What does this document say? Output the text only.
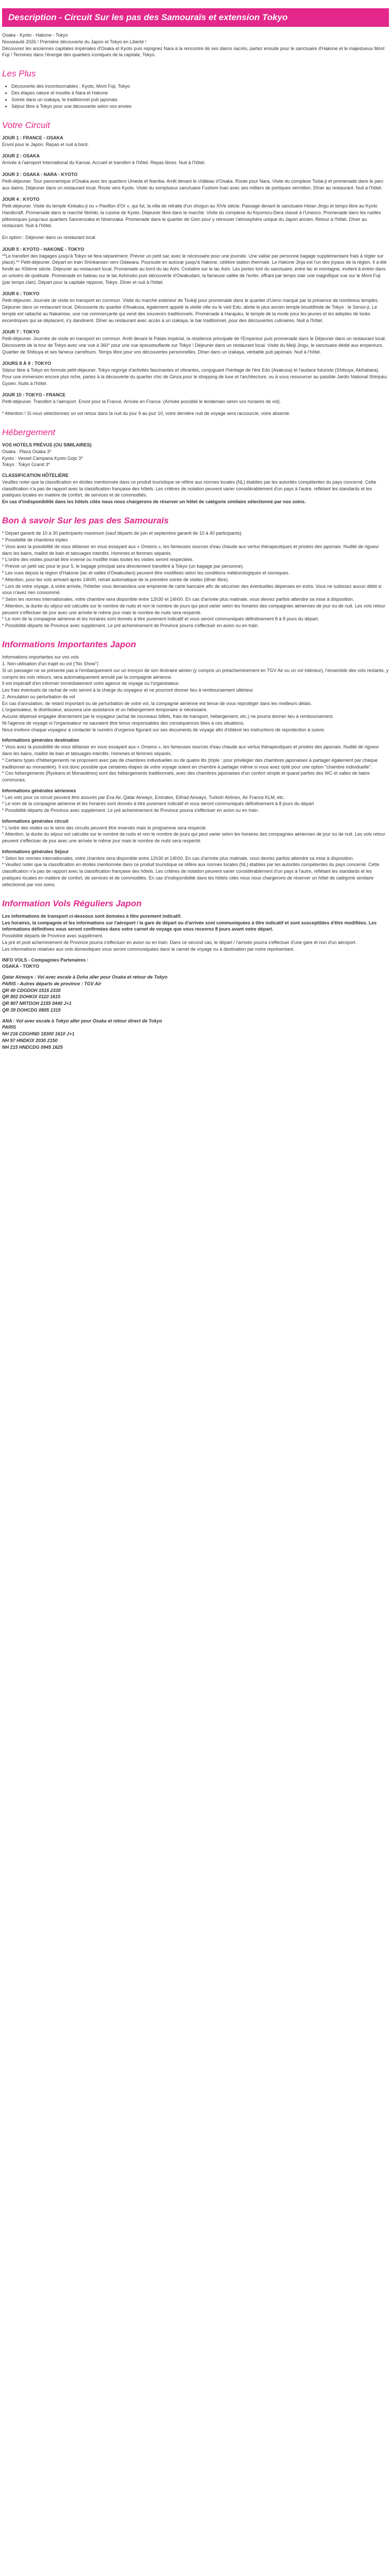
Description - Circuit Sur les pas des Samouraïs et extension Tokyo

Osaka - Kyoto - Hakone - Tokyo

Nouveauté 2026 ! Première découverte du Japon et Tokyo en Liberté !

Découvrez les anciennes capitales impériales d'Osaka et Kyoto puis rejoignez Nara à la rencontre de ses daims sacrés, partez ensuite pour le sanctuaire d'Hakone et le majestueux Mont Fuji ! Terminez dans l'énergie des quartiers iconiques de la capitale, Tokyo.

Les Plus
• Découverte des incontournables : Kyoto, Mont Fuji, Tokyo
• Des étapes nature et insolite à Nara et Hakone
• Soirée dans un izakaya, le traditionnel pub japonais
• Séjour libre à Tokyo pour une découverte selon vos envies
Votre Circuit

JOUR 1 : FRANCE - OSAKA

Envol pour le Japon. Repas et nuit à bord.

JOUR 2 : OSAKA

Arrivée à l'aéroport International du Kansai. Accueil et transfert à l'hôtel. Repas libres. Nuit à l'hôtel.

JOUR 3 : OSAKA - NARA - KYOTO

Petit-déjeuner. Tour panoramique d'Osaka avec les quartiers Umeda et Namba. Arrêt devant le château d'Osaka. Route pour Nara. Visite du complexe Todai-ji et promenade dans le parc aux daims. Déjeuner dans un restaurant local. Route vers Kyoto. Visite du somptueux sanctuaire Fushimi Inari avec ses milliers de portiques vermillon. Dîner au restaurant. Nuit à l'hôtel.

JOUR 4 : KYOTO

Petit-déjeuner. Visite du temple Kinkaku-ji ou « Pavillon d'Or », qui fut, la villa de retraite d'un shogun au XIVe siècle. Passage devant le sanctuaire Heian Jingu et temps libre au Kyoto Handicraft. Promenade dans le marché Nishiki, la cuisine de Kyoto. Déjeuner libre dans le marché. Visite du complexe du Kiyomizu-Dera classé à l'Unesco. Promenade dans les ruelles pittoresques jusqu'aux quartiers Sannenzaka et Ninenzaka. Promenade dans le quartier de Gion pour y retrouver l'atmosphère unique du Japon ancien. Retour à l'hôtel. Dîner au restaurant. Nuit à l'hôtel.

En option : Déjeuner dans un restaurant local

JOUR 5 : KYOTO - HAKONE - TOKYO

**Le transfert des bagages jusqu'à Tokyo se fera séparément. Prévoir un petit sac avec le nécessaire pour une journée. Une valise par personne bagage supplémentaire frais à régler sur place).** Petit-déjeuner. Départ en train Shinkansen vers Odawara. Poursuite en autocar jusqu'à Hakone, célèbre station thermale. Le Hakone Jinja est l'un des joyaux de la région. Il a été fondé au XIIIème siècle. Déjeuner au restaurant local. Promenade au bord du lac Ashi. Croisière sur le lac Ashi. Les portes torii du sanctuaire, entre lac et montagne, invitent à entrer dans un univers de quiétude. Promenade en bateau sur le lac Ashinoko puis découverte d'Owakudani, la fameuse vallée de l'enfer, offrant par temps clair une magnifique vue sur le Mont Fuji (par temps clair). Départ pour la capitale nippone, Tokyo. Dîner et nuit à l'hôtel.

JOUR 6 : TOKYO

Petit-déjeuner. Journée de visite en transport en commun. Visite du marché extérieur de Tsukiji pour promenade dans le quartier d'Ueno marqué par la présence de nombreux temples. Déjeuner dans un restaurant local. Découverte du quartier d'Asakusa, également appelé la vieille ville ou le vieil Edo, abrite le plus ancien temple bouddhiste de Tokyo : le Senso-ji. Le temple est rattaché au Nakamise, une rue commerçante qui vend des souvenirs traditionnels. Promenade à Harajuku, le temple de la mode pour les jeunes et les adeptes de looks excentriques qui se déplacent, s'y dandinent. Dîner au restaurant avec accès à un izakaya, le bar traditionnel, pour des découvertes culinaires. Nuit à l'hôtel.

JOUR 7 : TOKYO

Petit-déjeuner. Journée de visite en transport en commun. Arrêt devant le Palais impérial, la résidence principale de l'Empereur puis promenade dans le Déjeuner dans un restaurant local. Découverte de la tour de Tokyo avec une vue à 360° pour une vue époustouflante sur Tokyo ! Déjeuner dans un restaurant local. Visite du Meiji Jingu, le sanctuaire dédié aux empereurs. Quartier de Shibuya et ses fameux carrefours. Temps libre pour vos découvertes personnelles. Dîner dans un izakaya, véritable pub japonais. Nuit à l'hôtel.

JOURS 8 À 9 : TOKYO

Séjour libre à Tokyo en formule petit-déjeuner. Tokyo regorge d'activités fascinantes et vibrantes, conjuguant l'héritage de l'ère Edo (Asakusa) et l'audace futuriste (Shibuya, Akihabara). Pour une immersion encore plus riche, partez à la découverte du quartier chic de Ginza pour le shopping de luxe et l'architecture, ou à vous ressourcer au paisible Jardin National Shinjuku Gyoen. Nuits à l'hôtel.

JOUR 10 : TOKYO - FRANCE

Petit-déjeuner. Transfert à l'aéroport. Envol pour la France. Arrivée en France. (Arrivée possible le lendemain selon vos horaires de vol).

* Attention ! Si vous sélectionnez un vol retour dans la nuit du jour 9 au jour 10, votre dernière nuit de voyage sera raccourcie, voire absente.

Hébergement

VOS HOTELS PRÉVUS (OU SIMILAIRES)

Osaka : Plaza Osaka 3*

Kyoto : Vessel Campana Kyoto Gojo 3*

Tokyo : Tokyo Grand 3*

CLASSIFICATION HÔTELIÈRE

Veuillez noter que la classification en étoiles mentionnée dans ce produit touristique se réfère aux normes locales (NL) établies par les autorités compétentes du pays concerné. Cette classification n'a pas de rapport avec la classification française des hôtels. Les critères de notation peuvent varier considérablement d'un pays à l'autre, reflétant les standards et les pratiques locales en matière de confort, de services et de commodités.

En cas d'indisponibilité dans les hôtels cités nous nous chargerons de réserver un hôtel de catégorie similaire sélectionné par nos soins.

Bon à savoir Sur les pas des Samouraïs

* Départ garanti de 10 à 30 participants maximum (sauf départs de juin et septembre garanti de 10 à 40 participants).

* Possibilité de chambres triples

* Vous avez la possibilité de vous délasser en vous essayant aux « Onsens », les fameuses sources d'eau chaude aux vertus thérapeutiques et prisées des japonais. Nudité de rigueur dans les bains, maillot de bain et tatouages interdits. Hommes et femmes séparés.

* L'ordre des visites pourrait être inversé ou modifié mais toutes les visites seront respectées.

* Prévoir un petit sac pour le jour 5, le bagage principal sera directement transféré à Tokyo (un bagage par personne).

* Les vues depuis la région d'Hakone (lac et vallée d'Owakudani) peuvent être modifiées selon les conditions météorologiques et sismiques.

* Attention, pour les vols arrivant après 14h00, retrait automatique de la première soirée de visites (dîner libre).

* Lors de votre voyage, à votre arrivée, l'hôtelier vous demandera une empreinte de carte bancaire afin de sécuriser des éventuelles dépenses en extra. Vous ne subissez aucun débit si vous n'avez rien consommé.

* Selon les normes internationales, votre chambre sera disponible entre 12h30 et 14h00. En cas d'arrivée plus matinale, vous devrez parfois attendre sa mise à disposition.

* Attention, la durée du séjour est calculée sur le nombre de nuits et non le nombre de jours qui peut varier selon les horaires des compagnies aériennes de jour ou de nuit. Les vols retour peuvent s'effectuer de jour avec une arrivée le même jour mais le nombre de nuits sera respecté.

* Le nom de la compagnie aérienne et les horaires sont donnés à titre purement indicatif et vous seront communiqués définitivement 8 à 8 jours du départ.

* Possibilité départs de Province avec supplément. Le pré acheminement de Province pourra s'effectuer en avion ou en train.

Informations Importantes Japon

Informations importantes sur vos vols

1. Non-utilisation d'un trajet ou vol ("No Show")

Si un passager ne se présente pas à l'embarquement sur un tronçon de son itinéraire aérien (y compris un préacheminement en TGV Air ou un vol intérieur), l'ensemble des vols restants, y compris les vols retours, sera automatiquement annulé par la compagnie aérienne.

Il est impératif d'en informer immédiatement votre agence de voyage ou l'organisateur.

Les frais éventuels de rachat de vols seront à la charge du voyageur et ne pourront donner lieu à remboursement ultérieur.

2. Annulation ou perturbation de vol

En cas d'annulation, de retard important ou de perturbation de votre vol, la compagnie aérienne est tenue de vous reprotéger dans les meilleurs délais.

L'organisateur, le distributeur, assurera une assistance et un hébergement temporaire si nécessaire.

Aucune dépense engagée directement par le voyageur (achat de nouveaux billets, frais de transport, hébergement, etc.) ne pourra donner lieu à remboursement.

Ni l'agence de voyage ni l'organisateur ne sauraient être tenus responsables des conséquences liées à ces situations.

Nous invitons chaque voyageur à contacter le numéro d'urgence figurant sur ses documents de voyage afin d'obtenir les instructions de reprotection à suivre.

Informations générales destination

* Vous avez la possibilité de vous délasser en vous essayant aux « Onsens », les fameuses sources d'eau chaude aux vertus thérapeutiques et prisées des japonais. Nudité de rigueur dans les bains, maillot de bain et tatouages interdits. Hommes et femmes séparés.

* Certains types d'hébergements ne proposent avec pas de chambres individuelles ou de quatre lits (triple : pour privilégier des chambres japonaises à partager également par chaque traditionnel au monastère). Il est donc possible que certaines étapes de votre voyage soient en chambre à partager même si vous avez opté pour une option "chambre individuelle".

* Ces hébergements (Ryokans et Monastères) sont des hébergements traditionnels, avec des chambres japonaises d'un confort simple et quand parfois des WC et salles de bains communes.

Informations générales aériennes

* Les vols pour ce circuit peuvent être assurés par Eva Air, Qatar Airways, Emirates, Etihad Airways, Turkish Airlines, Air France KLM, etc.

* Le nom de la compagnie aérienne et les horaires sont donnés à titre purement indicatif et vous seront communiqués définitivement à 8 jours du départ

* Possibilité départs de Province avec supplément. Le pré acheminement de Province pourra s'effectuer en avion ou en train.

Informations générales circuit

* L'ordre des visites ou le sens des circuits peuvent être inversés mais le programme sera respecté.

* Attention, la durée du séjour est calculée sur le nombre de nuits et non le nombre de jours qui peut varier selon les horaires des compagnies aériennes de jour ou de nuit. Les vols retour peuvent s'effectuer de jour avec une arrivée le même jour mais le nombre de nuits sera respecté.

Informations générales Séjour

* Selon les normes internationales, votre chambre sera disponible entre 12h30 et 14h00. En cas d'arrivée plus matinale, vous devrez parfois attendre sa mise à disposition.

* Veuillez noter que la classification en étoiles mentionnée dans ce produit touristique se réfère aux normes locales (NL) établies par les autorités compétentes du pays concerné. Cette classification n'a pas de rapport avec la classification française des hôtels. Les critères de notation peuvent varier considérablement d'un pays à l'autre, reflétant les standards et les pratiques locales en matière de confort, de services et de commodités. En cas d'indisponibilité dans les hôtels cités nous nous chargerons de réserver un hôtel de catégorie similaire sélectionné par nos soins.

Information Vols Réguliers Japon

Les informations de transport ci-dessous sont données à titre purement indicatif.

Les horaires, la compagnie et les informations sur l'aéroport / la gare de départ ou d'arrivée sont communiquées à titre indicatif et sont susceptibles d'être modifiées. Les informations définitives vous seront confirmées dans votre carnet de voyage que vous recevrez 8 jours avant votre départ.

Possibilité départs de Province avec supplément.

La pré et post acheminement de Province pourra s'effectuer en avion ou en train. Dans ce second cas, le départ / l'arrivée pourra s'effectuer d'une gare et non d'un aéroport.

Les informations relatives aux vols domestiques vous seront communiquées dans le carnet de voyage ou à destination par notre représentant.

INFO VOLS - Compagnies Partenaires :

OSAKA - TOKYO

Qatar Airways : Vol avec escale à Doha aller pour Osaka et retour de Tokyo

PARIS - Autres départs de province : TGV Air

QR 40 CDGDOH 1515 2330

QR 802 DOHKIX 0110 1615

QR 807 NRTDOH 2155 0440 J+1

QR 39 DOHCDG 0805 1315

ANA : Vol avec escale à Tokyo aller pour Osaka et retour direct de Tokyo

PARIS

NH 216 CDGHND 18300 1610 J+1

NH 97 HNDKIX 2030 2150

NH 215 HNDCDG 0945 1625
